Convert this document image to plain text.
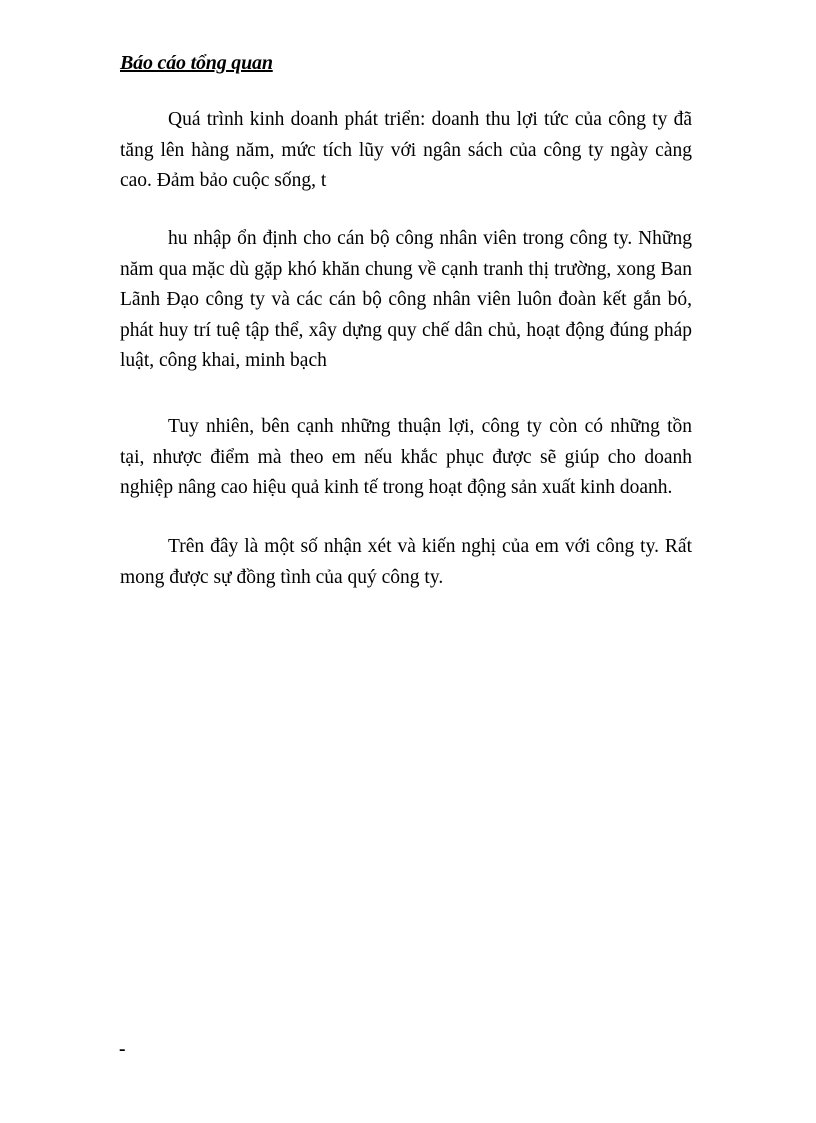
Báo cáo tổng quan

Quá trình kinh doanh phát triển: doanh thu lợi tức của công ty đã tăng lên hàng năm, mức tích lũy với ngân sách của công ty ngày càng cao. Đảm bảo cuộc sống, t

hu nhập ổn định cho cán bộ công nhân viên trong công ty. Những năm qua mặc dù gặp khó khăn chung về cạnh tranh thị trường, xong Ban Lãnh Đạo công ty và các cán bộ công nhân viên luôn đoàn kết gắn bó, phát huy trí tuệ tập thể, xây dựng quy chế dân chủ, hoạt động đúng pháp luật, công khai, minh bạch

Tuy nhiên, bên cạnh những thuận lợi, công ty còn có những tồn tại, nhược điểm mà theo em nếu khắc phục được sẽ giúp cho doanh nghiệp nâng cao hiệu quả kinh tế trong hoạt động sản xuất kinh doanh.

Trên đây là một số nhận xét và kiến nghị của em với công ty. Rất mong được sự đồng tình của quý công ty.

-
